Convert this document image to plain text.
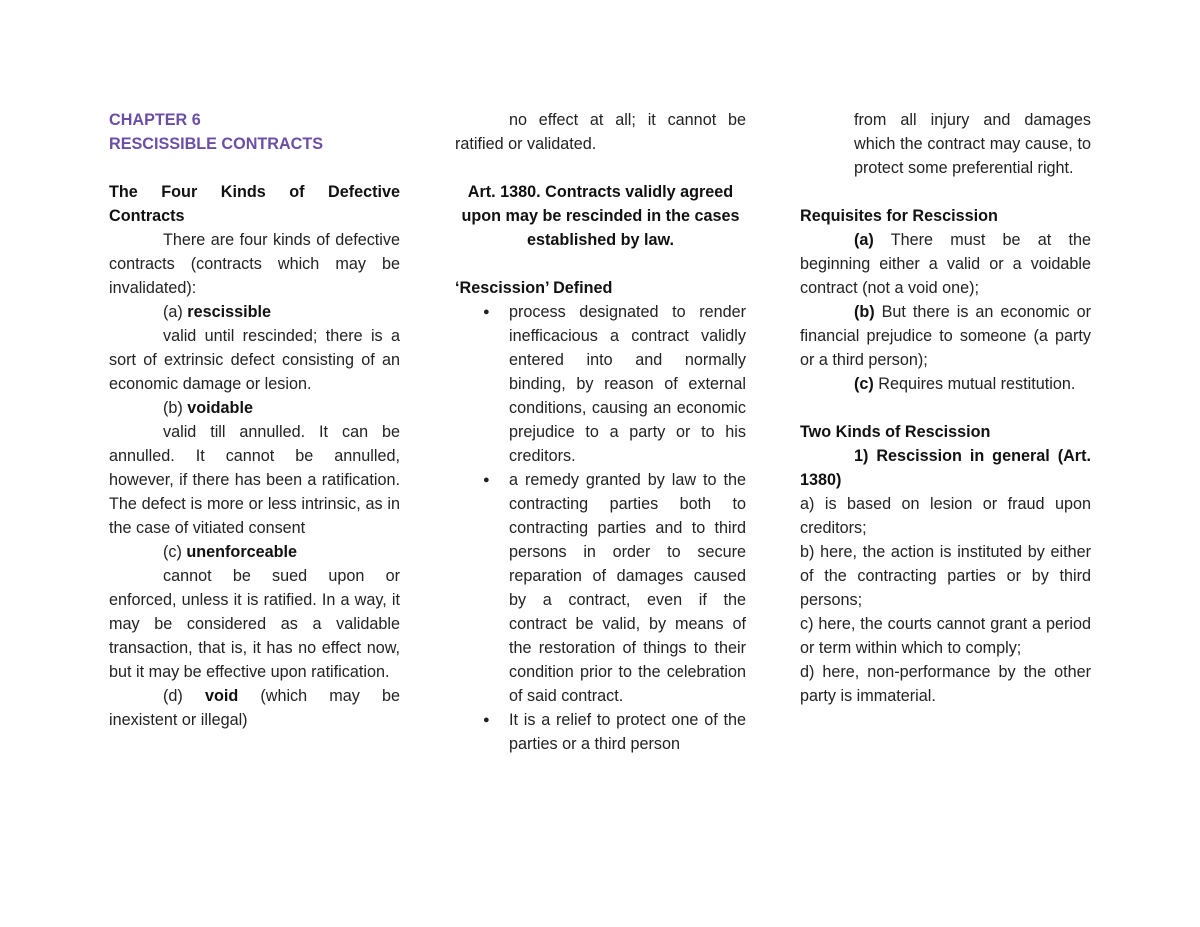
CHAPTER 6

RESCISSIBLE CONTRACTS

The Four Kinds of Defective Contracts

There are four kinds of defective contracts (contracts which may be invalidated):

(a) rescissible

valid until rescinded; there is a sort of extrinsic defect consisting of an economic damage or lesion.

(b) voidable

valid till annulled. It can be annulled. It cannot be annulled, however, if there has been a ratification. The defect is more or less intrinsic, as in the case of vitiated consent

(c) unenforceable

cannot be sued upon or enforced, unless it is ratified. In a way, it may be considered as a validable transaction, that is, it has no effect now, but it may be effective upon ratification.

(d) void (which may be inexistent or illegal)

no effect at all; it cannot be ratified or validated.

Art. 1380. Contracts validly agreed upon may be rescinded in the cases established by law.

‘Rescission’ Defined

● process designated to render inefficacious a contract validly entered into and normally binding, by reason of external conditions, causing an economic prejudice to a party or to his creditors.
● a remedy granted by law to the contracting parties both to contracting parties and to third persons in order to secure reparation of damages caused by a contract, even if the contract be valid, by means of the restoration of things to their condition prior to the celebration of said contract.
● It is a relief to protect one of the parties or a third person

from all injury and damages which the contract may cause, to protect some preferential right.

Requisites for Rescission

(a) There must be at the beginning either a valid or a voidable contract (not a void one);

(b) But there is an economic or financial prejudice to someone (a party or a third person);

(c) Requires mutual restitution.

Two Kinds of Rescission

1) Rescission in general (Art. 1380)

a) is based on lesion or fraud upon creditors;

b) here, the action is instituted by either of the contracting parties or by third persons;

c) here, the courts cannot grant a period or term within which to comply;

d) here, non-performance by the other party is immaterial.
